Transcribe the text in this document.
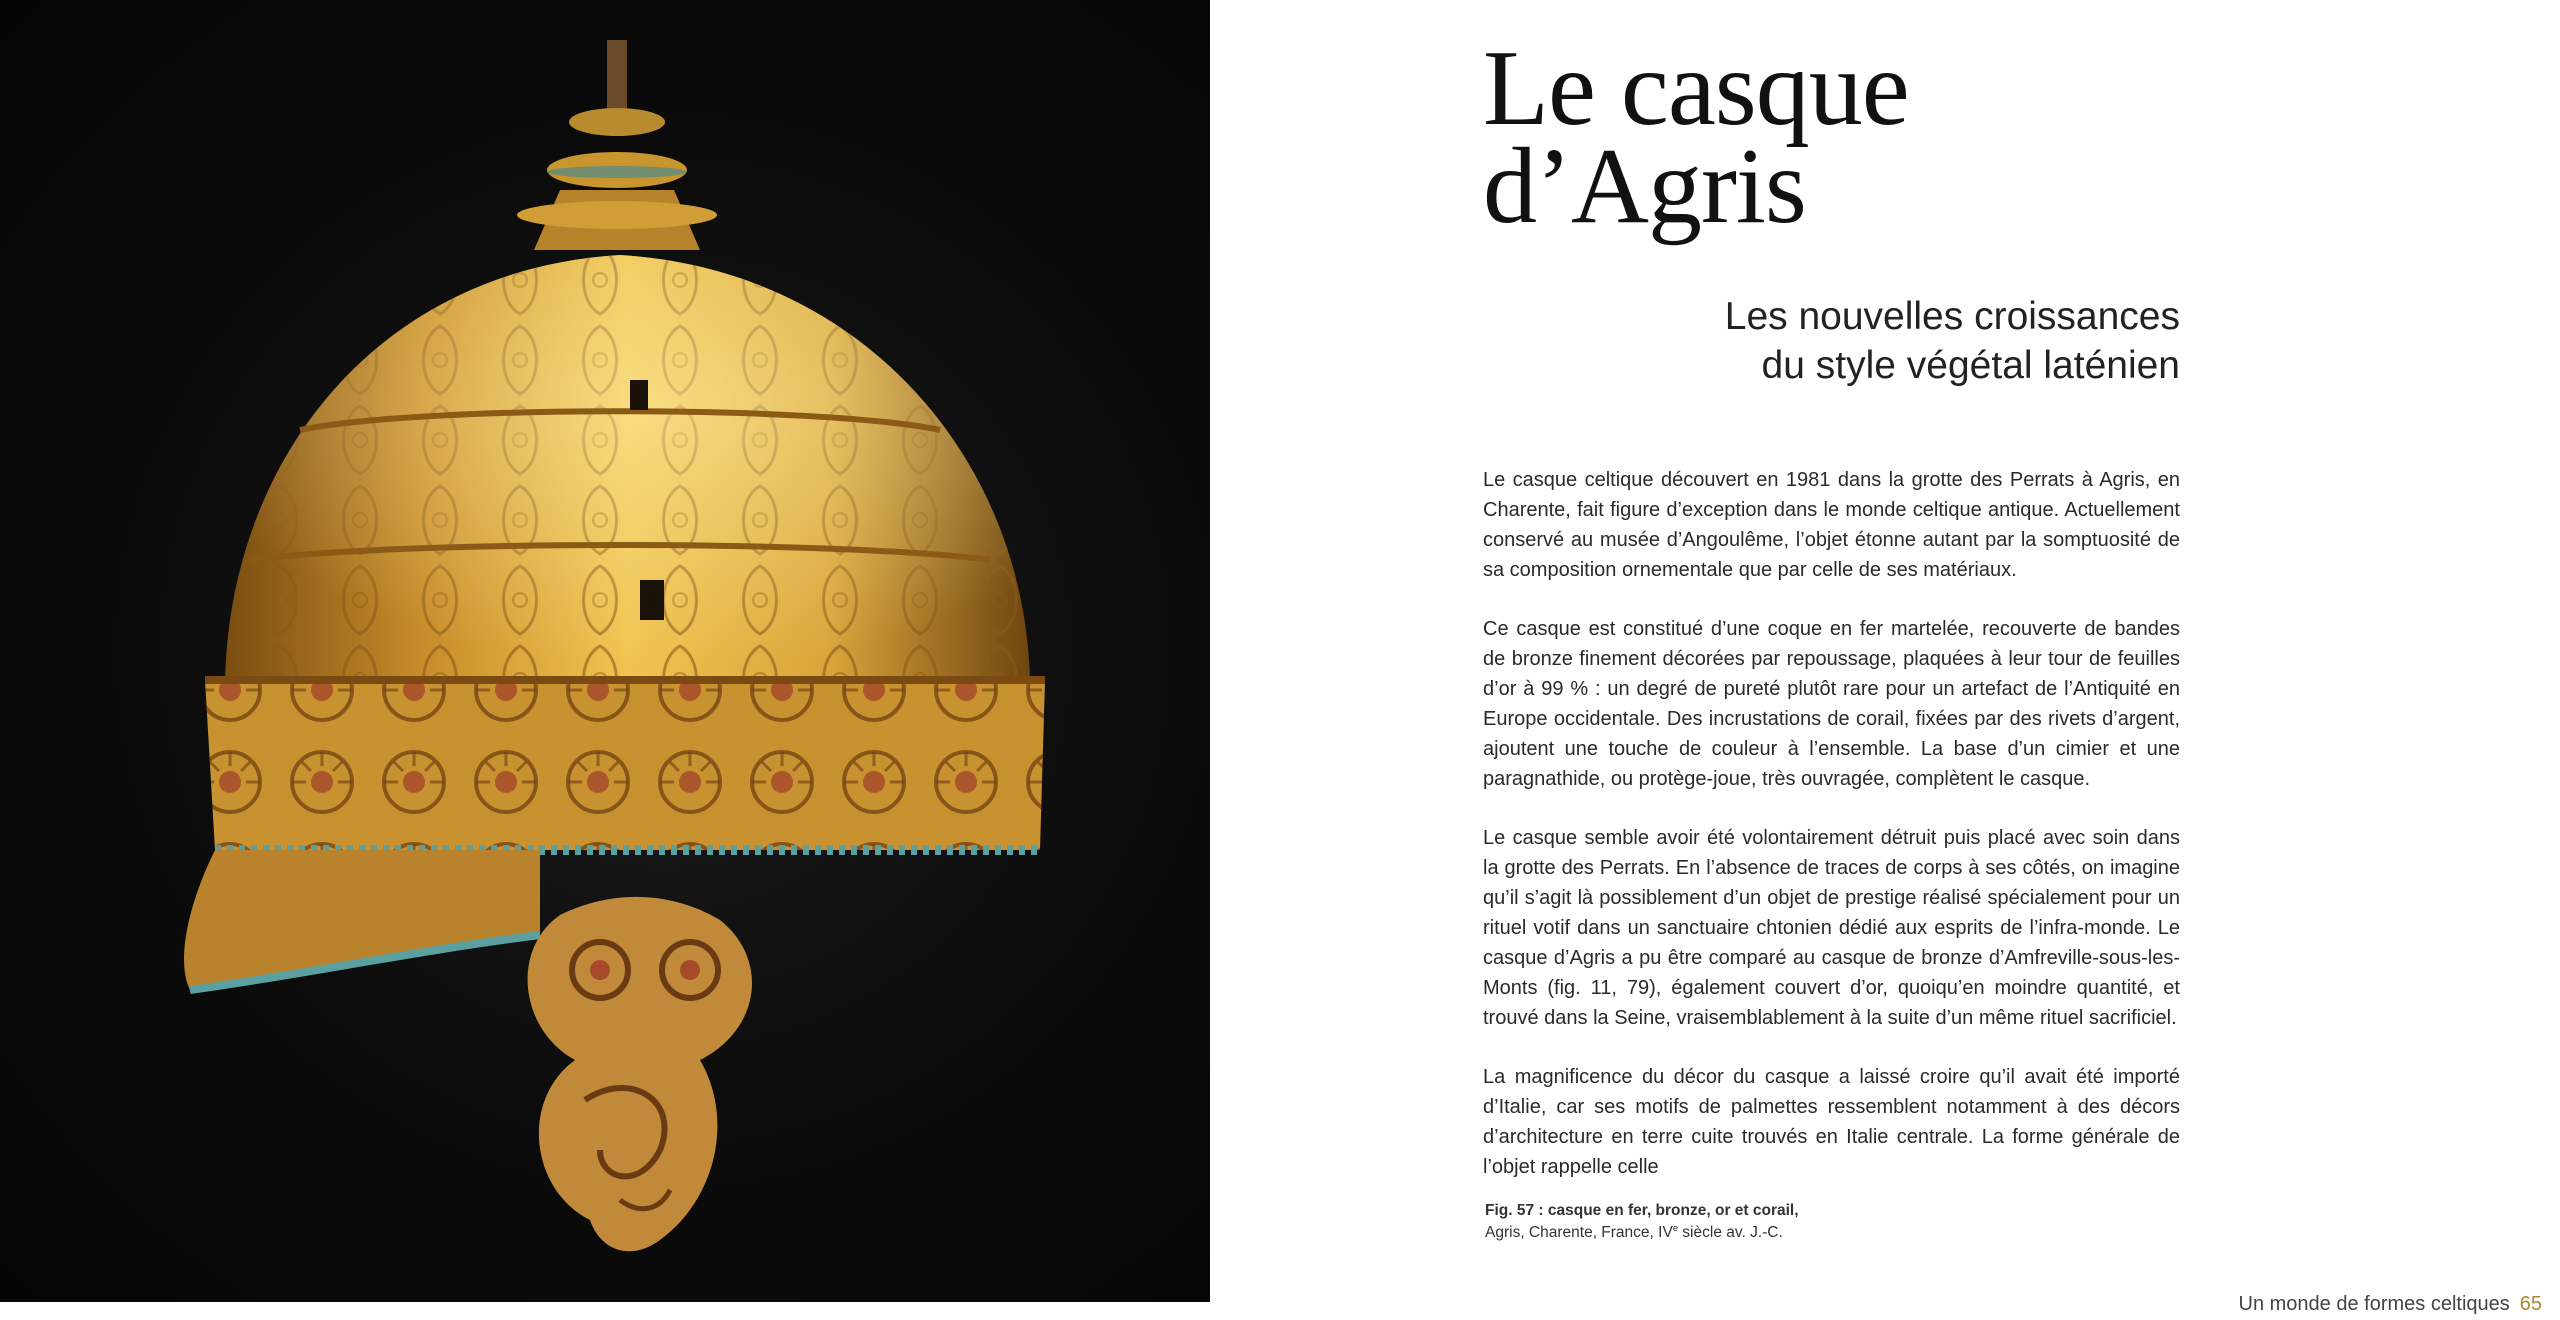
Le casque
d’Agris
Les nouvelles croissances
du style végétal laténien

Le casque celtique découvert en 1981 dans la grotte des Perrats à Agris, en Charente, fait figure d’exception dans le monde celtique antique. Actuellement conservé au musée d’Angoulême, l’objet étonne autant par la somptuosité de sa composition ornementale que par celle de ses matériaux.

Ce casque est constitué d’une coque en fer martelée, recouverte de bandes de bronze finement décorées par repoussage, plaquées à leur tour de feuilles d’or à 99 % : un degré de pureté plutôt rare pour un artefact de l’Antiquité en Europe occidentale. Des incrustations de corail, fixées par des rivets d’argent, ajoutent une touche de couleur à l’ensemble. La base d’un cimier et une paragnathide, ou protège-joue, très ouvragée, complètent le casque.

Le casque semble avoir été volontairement détruit puis placé avec soin dans la grotte des Perrats. En l’absence de traces de corps à ses côtés, on imagine qu’il s’agit là possiblement d’un objet de prestige réalisé spécialement pour un rituel votif dans un sanctuaire chtonien dédié aux esprits de l’infra-monde. Le casque d’Agris a pu être comparé au casque de bronze d’Amfreville-sous-les-Monts (fig. 11, 79), également couvert d’or, quoiqu’en moindre quantité, et trouvé dans la Seine, vraisemblablement à la suite d’un même rituel sacrificiel.

La magnificence du décor du casque a laissé croire qu’il avait été importé d’Italie, car ses motifs de palmettes ressemblent notamment à des décors d’architecture en terre cuite trouvés en Italie centrale. La forme générale de l’objet rappelle celle

Fig. 57 : casque en fer, bronze, or et corail,
Agris, Charente, France, IVe siècle av. J.-C.
Un monde de formes celtiques 65
